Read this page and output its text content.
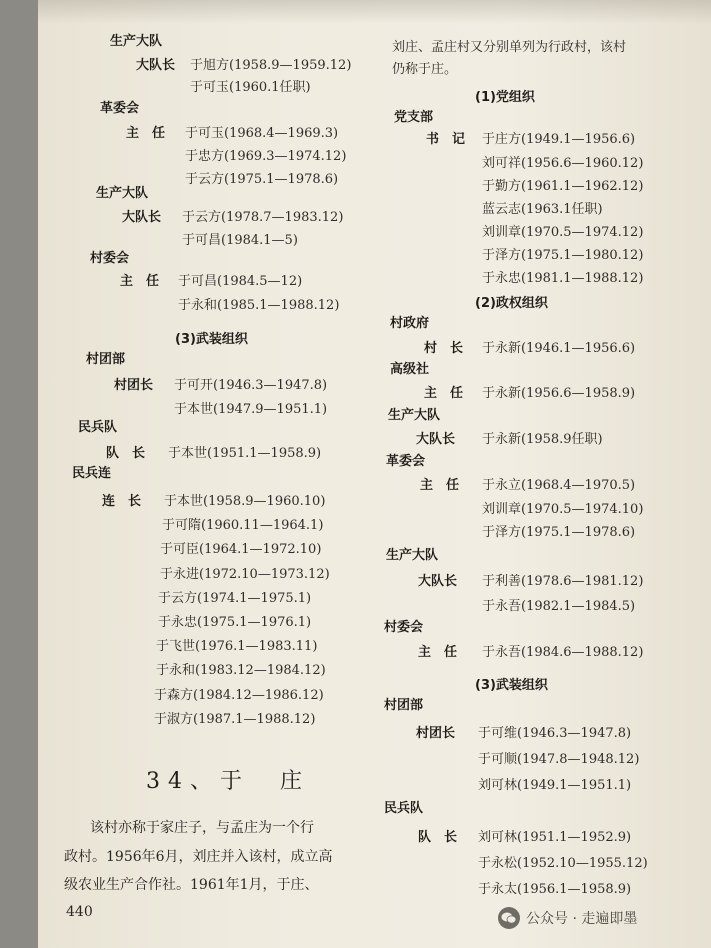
生产大队
大队长 于旭方(1958.9—1959.12)
于可玉(1960.1任职)
革委会
主　任 于可玉(1968.4—1969.3)
于忠方(1969.3—1974.12)
于云方(1975.1—1978.6)
生产大队
大队长 于云方(1978.7—1983.12)
于可昌(1984.1—5)
村委会
主　任 于可昌(1984.5—12)
于永和(1985.1—1988.12)
(3)武装组织
村团部
村团长 于可开(1946.3—1947.8)
于本世(1947.9—1951.1)
民兵队
队　长 于本世(1951.1—1958.9)
民兵连
连　长 于本世(1958.9—1960.10)
于可隋(1960.11—1964.1)
于可臣(1964.1—1972.10)
于永进(1972.10—1973.12)
于云方(1974.1—1975.1)
于永忠(1975.1—1976.1)
于飞世(1976.1—1983.11)
于永和(1983.12—1984.12)
于森方(1984.12—1986.12)
于淑方(1987.1—1988.12)
34、于　庄
该村亦称于家庄子，与孟庄为一个行
政村。1956年6月，刘庄并入该村，成立高
级农业生产合作社。1961年1月，于庄、
440
刘庄、孟庄村又分别单列为行政村，该村
仍称于庄。
(1)党组织
党支部
书　记 于庄方(1949.1—1956.6)
刘可祥(1956.6—1960.12)
于勤方(1961.1—1962.12)
蓝云志(1963.1任职)
刘训章(1970.5—1974.12)
于泽方(1975.1—1980.12)
于永忠(1981.1—1988.12)
(2)政权组织
村政府
村　长 于永新(1946.1—1956.6)
高级社
主　任 于永新(1956.6—1958.9)
生产大队
大队长 于永新(1958.9任职)
革委会
主　任 于永立(1968.4—1970.5)
刘训章(1970.5—1974.10)
于泽方(1975.1—1978.6)
生产大队
大队长 于利善(1978.6—1981.12)
于永吾(1982.1—1984.5)
村委会
主　任 于永吾(1984.6—1988.12)
(3)武装组织
村团部
村团长 于可维(1946.3—1947.8)
于可顺(1947.8—1948.12)
刘可林(1949.1—1951.1)
民兵队
队　长 刘可林(1951.1—1952.9)
于永松(1952.10—1955.12)
于永太(1956.1—1958.9)
公众号 · 走遍即墨
